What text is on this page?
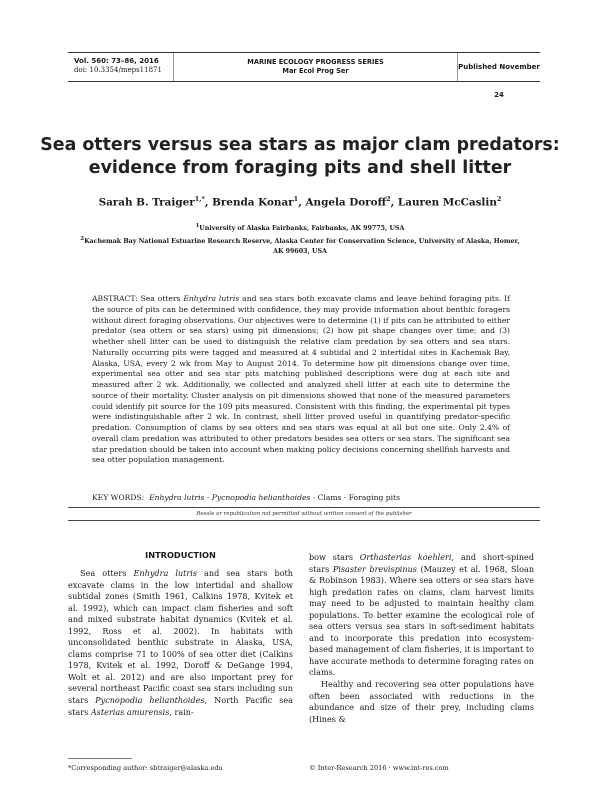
Vol. 560: 73–86, 2016
doi: 10.3354/meps11871
MARINE ECOLOGY PROGRESS SERIES
Mar Ecol Prog Ser	Published November 24
Sea otters versus sea stars as major clam predators:
evidence from foraging pits and shell litter
Sarah B. Traiger$^{1,*}$, Brenda Konar$^1$, Angela Doroff$^2$, Lauren McCaslin$^2$
$^1$University of Alaska Fairbanks, Fairbanks, AK 99775, USA
$^2$Kachemak Bay National Estuarine Research Reserve, Alaska Center for Conservation Science, University of Alaska, Homer,
AK 99603, USA
ABSTRACT: Sea otters Enhydra lutris and sea stars both excavate clams and leave behind foraging pits. If the source of pits can be determined with confidence, they may provide information about benthic foragers without direct foraging observations. Our objectives were to determine (1) if pits can be attributed to either predator (sea otters or sea stars) using pit dimensions; (2) how pit shape changes over time; and (3) whether shell litter can be used to distinguish the relative clam predation by sea otters and sea stars. Naturally occurring pits were tagged and measured at 4 subtidal and 2 intertidal sites in Kachemak Bay, Alaska, USA, every 2 wk from May to August 2014. To determine how pit dimensions change over time, experimental sea otter and sea star pits matching published descriptions were dug at each site and measured after 2 wk. Additionally, we collected and analyzed shell litter at each site to determine the source of their mortality. Cluster analysis on pit dimensions showed that none of the measured parameters could identify pit source for the 109 pits measured. Consistent with this finding, the experimental pit types were indistinguishable after 2 wk. In contrast, shell litter proved useful in quantifying predator-specific predation. Consumption of clams by sea otters and sea stars was equal at all but one site. Only 2.4% of overall clam predation was attributed to other predators besides sea otters or sea stars. The significant sea star predation should be taken into account when making policy decisions concerning shellfish harvests and sea otter population management.
KEY WORDS: Enhydra lutris · Pycnopodia helianthoides · Clams · Foraging pits
Resale or republication not permitted without written consent of the publisher
INTRODUCTION

Sea otters Enhydra lutris and sea stars both excavate clams in the low intertidal and shallow subtidal zones (Smith 1961, Calkins 1978, Kvitek et al. 1992), which can impact clam fisheries and soft and mixed substrate habitat dynamics (Kvitek et al. 1992, Ross et al. 2002). In habitats with unconsolidated benthic substrate in Alaska, USA, clams comprise 71 to 100% of sea otter diet (Calkins 1978, Kvitek et al. 1992, Doroff & DeGange 1994, Wolt et al. 2012) and are also important prey for several northeast Pacific coast sea stars including sun stars Pycnopodia helianthoides, North Pacific sea stars Asterias amurensis, rain-

bow stars Orthasterias koehleri, and short-spined stars Pisaster brevispinus (Mauzey et al. 1968, Sloan & Robinson 1983). Where sea otters or sea stars have high predation rates on clams, clam harvest limits may need to be adjusted to maintain healthy clam populations. To better examine the ecological role of sea otters versus sea stars in soft-sediment habitats and to incorporate this predation into ecosystem-based management of clam fisheries, it is important to have accurate methods to determine foraging rates on clams.

Healthy and recovering sea otter populations have often been associated with reductions in the abundance and size of their prey, including clams (Hines &

*Corresponding author: sbtraiger@alaska.edu	© Inter-Research 2016 · www.int-res.com
